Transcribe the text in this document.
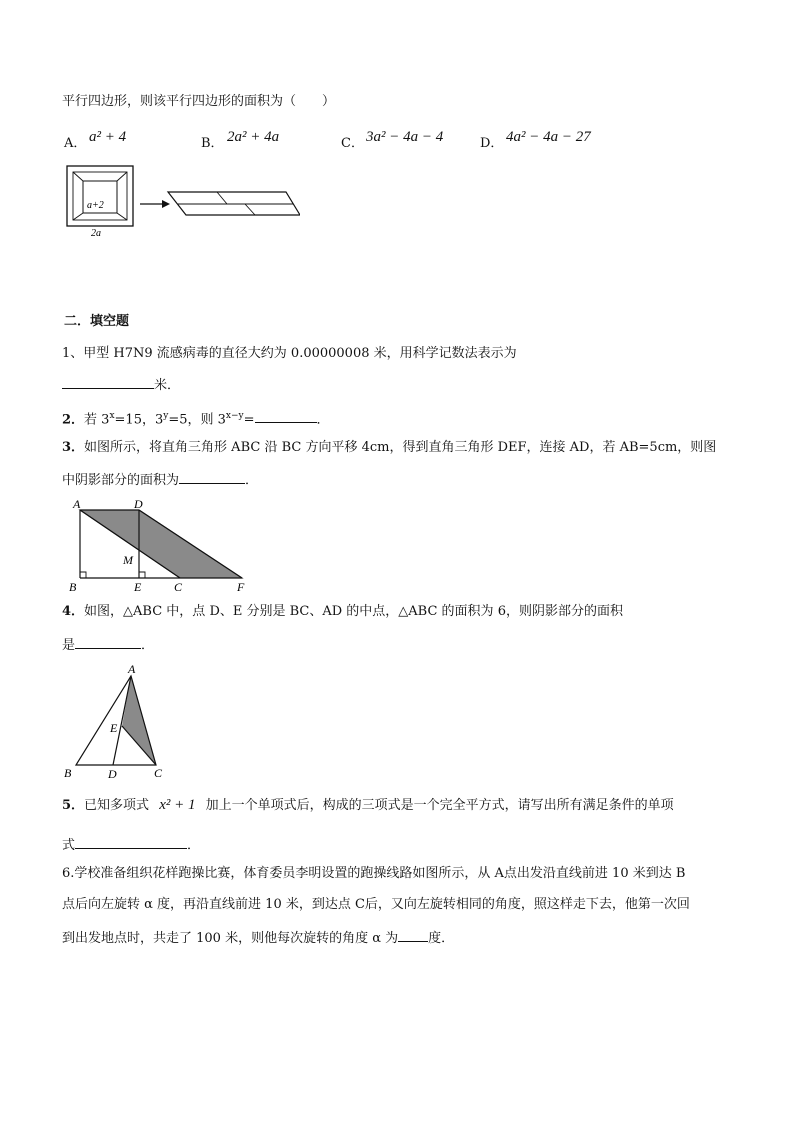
平行四边形，则该平行四边形的面积为（　　）
A． a² + 4	B． 2a² + 4a	C． 3a² − 4a − 4	D． 4a² − 4a − 27
a+2
2a
二．填空题
1、甲型 H7N9 流感病毒的直径大约为 0.00000008 米，用科学记数法表示为
米．
2．若 $3^x=15$，$3^y=5$，则 $3^{x-y}=$	．
3．如图所示，将直角三角形 ABC 沿 BC 方向平移 4cm，得到直角三角形 DEF，连接 AD，若 AB=5cm，则图
中阴影部分的面积为	．
A	D
M
B	E	C	F
4．如图，△ABC 中，点 D、E 分别是 BC、AD 的中点，△ABC 的面积为 6，则阴影部分的面积
是	．
A
E
B	D	C
5．已知多项式 x² + 1 加上一个单项式后，构成的三项式是一个完全平方式，请写出所有满足条件的单项
式	．
6.学校准备组织花样跑操比赛，体育委员李明设置的跑操线路如图所示，从 A点出发沿直线前进 10 米到达 B
点后向左旋转 α 度，再沿直线前进 10 米，到达点 C后，又向左旋转相同的角度，照这样走下去，他第一次回
到出发地点时，共走了 100 米，则他每次旋转的角度 α 为 度．
